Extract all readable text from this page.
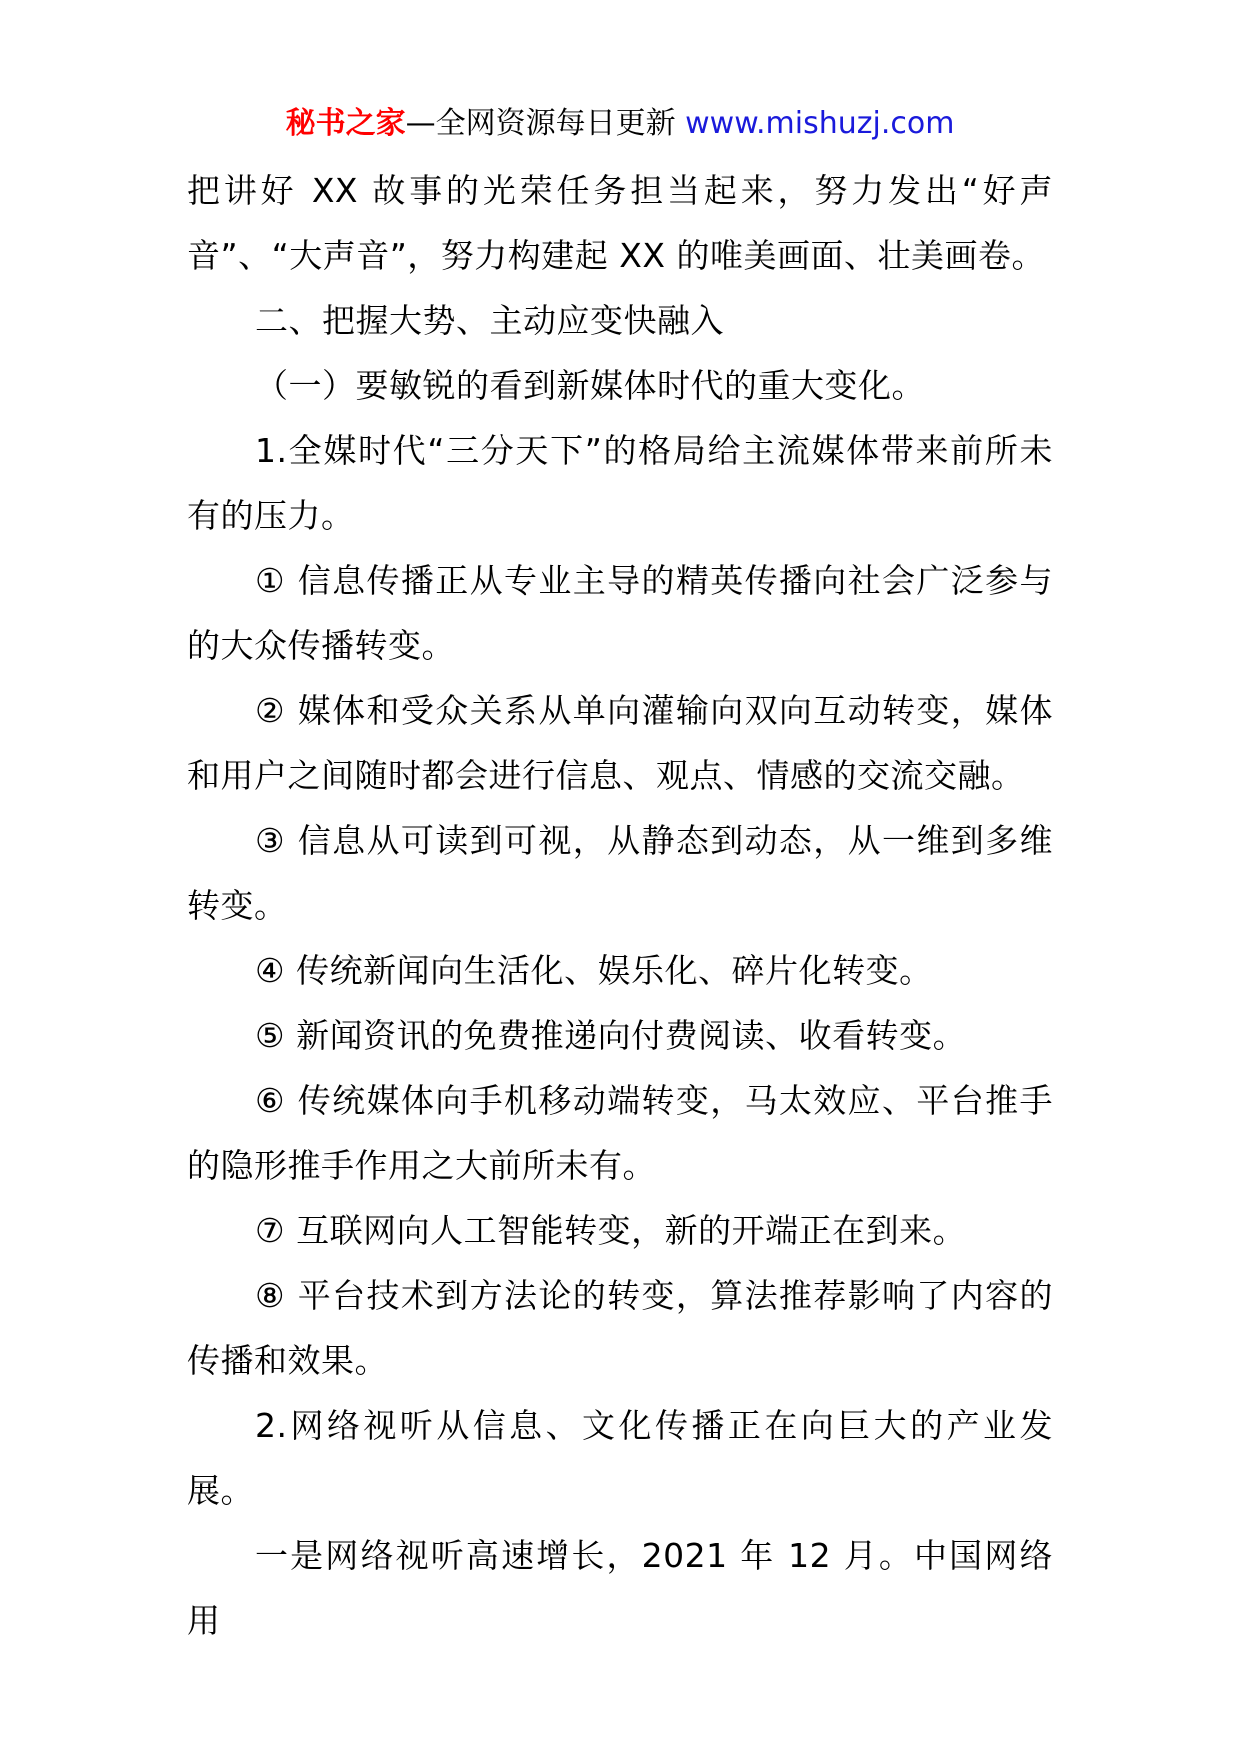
秘书之家—全网资源每日更新 www.mishuzj.com

把讲好 XX 故事的光荣任务担当起来，努力发出“好声音”、“大声音”，努力构建起 XX 的唯美画面、壮美画卷。

二、把握大势、主动应变快融入

（一）要敏锐的看到新媒体时代的重大变化。

1.全媒时代“三分天下”的格局给主流媒体带来前所未有的压力。

① 信息传播正从专业主导的精英传播向社会广泛参与的大众传播转变。

② 媒体和受众关系从单向灌输向双向互动转变，媒体和用户之间随时都会进行信息、观点、情感的交流交融。

③ 信息从可读到可视，从静态到动态，从一维到多维转变。

④ 传统新闻向生活化、娱乐化、碎片化转变。

⑤ 新闻资讯的免费推递向付费阅读、收看转变。

⑥ 传统媒体向手机移动端转变，马太效应、平台推手的隐形推手作用之大前所未有。

⑦ 互联网向人工智能转变，新的开端正在到来。

⑧ 平台技术到方法论的转变，算法推荐影响了内容的传播和效果。

2.网络视听从信息、文化传播正在向巨大的产业发展。

一是网络视听高速增长，2021 年 12 月。中国网络用
